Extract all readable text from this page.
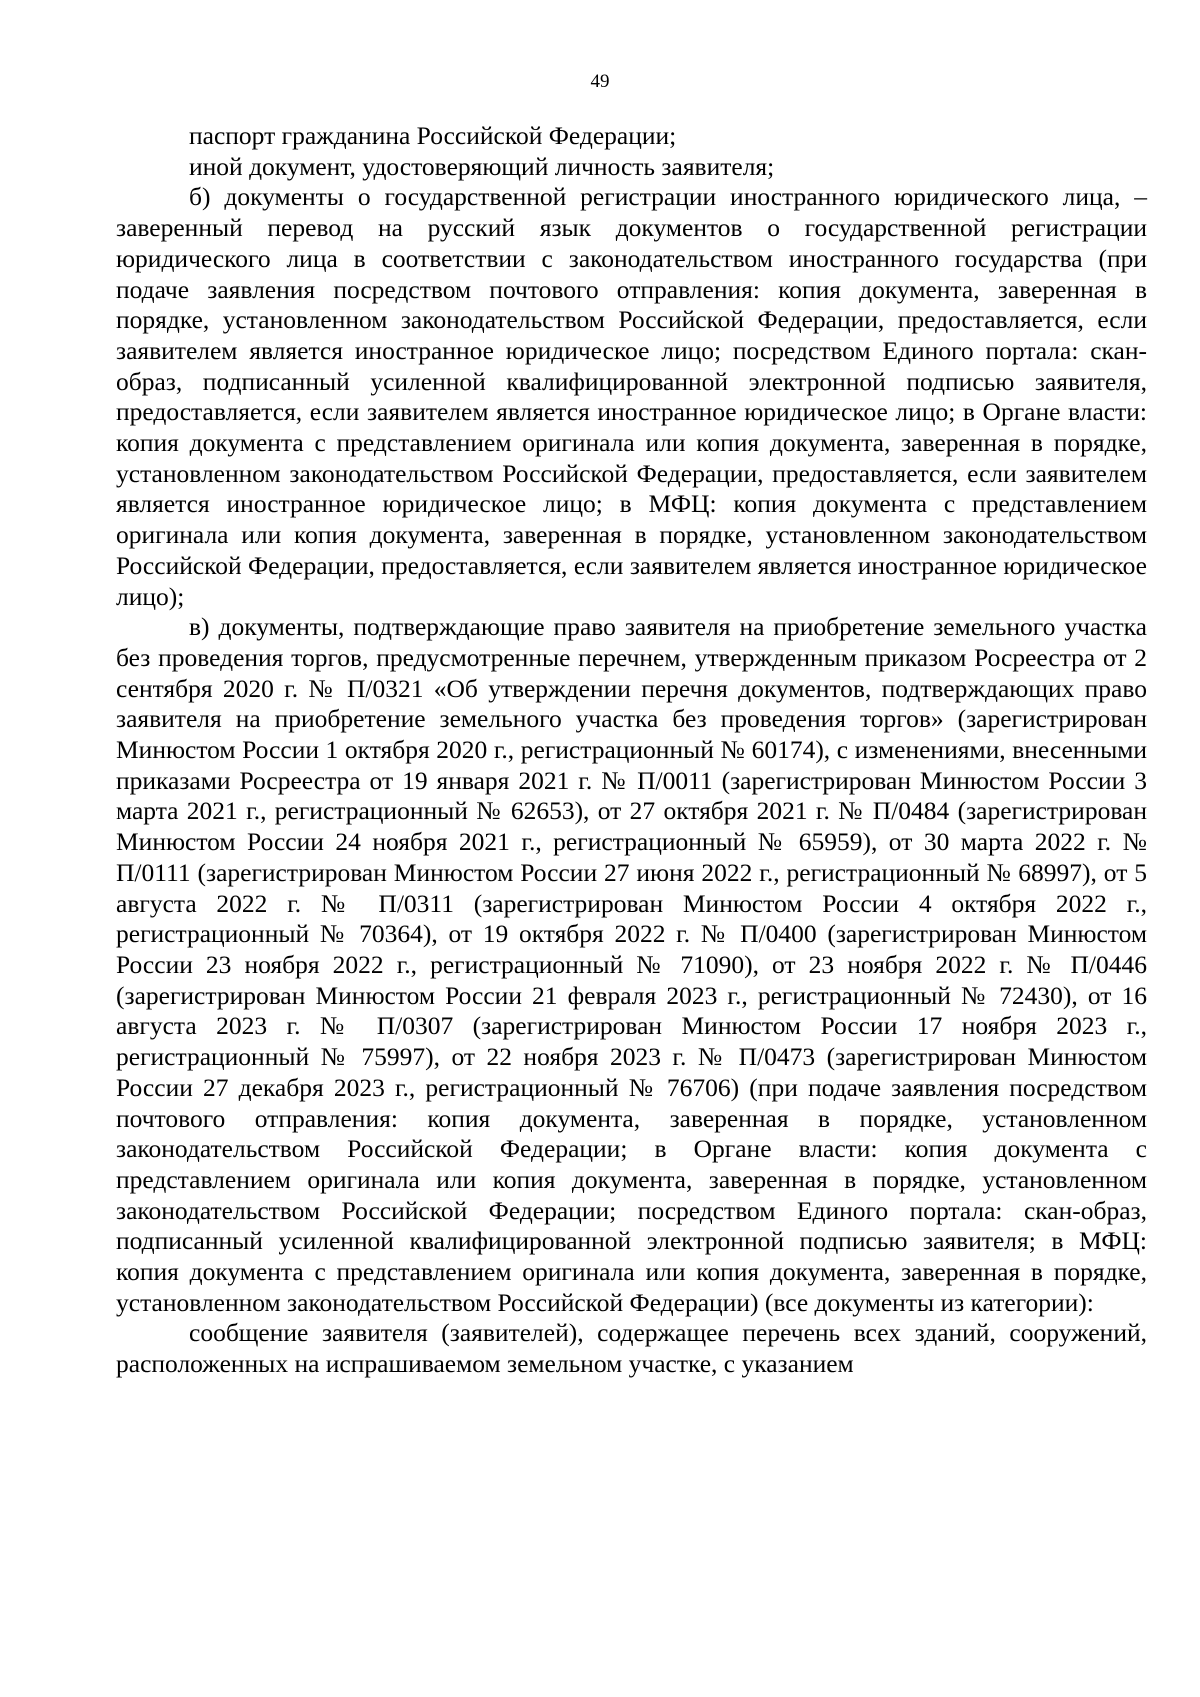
49

паспорт гражданина Российской Федерации;

иной документ, удостоверяющий личность заявителя;

б) документы о государственной регистрации иностранного юридического лица, – заверенный перевод на русский язык документов о государственной регистрации юридического лица в соответствии с законодательством иностранного государства (при подаче заявления посредством почтового отправления: копия документа, заверенная в порядке, установленном законодательством Российской Федерации, предоставляется, если заявителем является иностранное юридическое лицо; посредством Единого портала: скан-образ, подписанный усиленной квалифицированной электронной подписью заявителя, предоставляется, если заявителем является иностранное юридическое лицо; в Органе власти: копия документа с представлением оригинала или копия документа, заверенная в порядке, установленном законодательством Российской Федерации, предоставляется, если заявителем является иностранное юридическое лицо; в МФЦ: копия документа с представлением оригинала или копия документа, заверенная в порядке, установленном законодательством Российской Федерации, предоставляется, если заявителем является иностранное юридическое лицо);

в) документы, подтверждающие право заявителя на приобретение земельного участка без проведения торгов, предусмотренные перечнем, утвержденным приказом Росреестра от 2 сентября 2020 г. № П/0321 «Об утверждении перечня документов, подтверждающих право заявителя на приобретение земельного участка без проведения торгов» (зарегистрирован Минюстом России 1 октября 2020 г., регистрационный № 60174), с изменениями, внесенными приказами Росреестра от 19 января 2021 г. № П/0011 (зарегистрирован Минюстом России 3 марта 2021 г., регистрационный № 62653), от 27 октября 2021 г. № П/0484 (зарегистрирован Минюстом России 24 ноября 2021 г., регистрационный № 65959), от 30 марта 2022 г. № П/0111 (зарегистрирован Минюстом России 27 июня 2022 г., регистрационный № 68997), от 5 августа 2022 г. № П/0311 (зарегистрирован Минюстом России 4 октября 2022 г., регистрационный № 70364), от 19 октября 2022 г. № П/0400 (зарегистрирован Минюстом России 23 ноября 2022 г., регистрационный № 71090), от 23 ноября 2022 г. № П/0446 (зарегистрирован Минюстом России 21 февраля 2023 г., регистрационный № 72430), от 16 августа 2023 г. № П/0307 (зарегистрирован Минюстом России 17 ноября 2023 г., регистрационный № 75997), от 22 ноября 2023 г. № П/0473 (зарегистрирован Минюстом России 27 декабря 2023 г., регистрационный № 76706) (при подаче заявления посредством почтового отправления: копия документа, заверенная в порядке, установленном законодательством Российской Федерации; в Органе власти: копия документа с представлением оригинала или копия документа, заверенная в порядке, установленном законодательством Российской Федерации; посредством Единого портала: скан-образ, подписанный усиленной квалифицированной электронной подписью заявителя; в МФЦ: копия документа с представлением оригинала или копия документа, заверенная в порядке, установленном законодательством Российской Федерации) (все документы из категории):

сообщение заявителя (заявителей), содержащее перечень всех зданий, сооружений, расположенных на испрашиваемом земельном участке, с указанием
